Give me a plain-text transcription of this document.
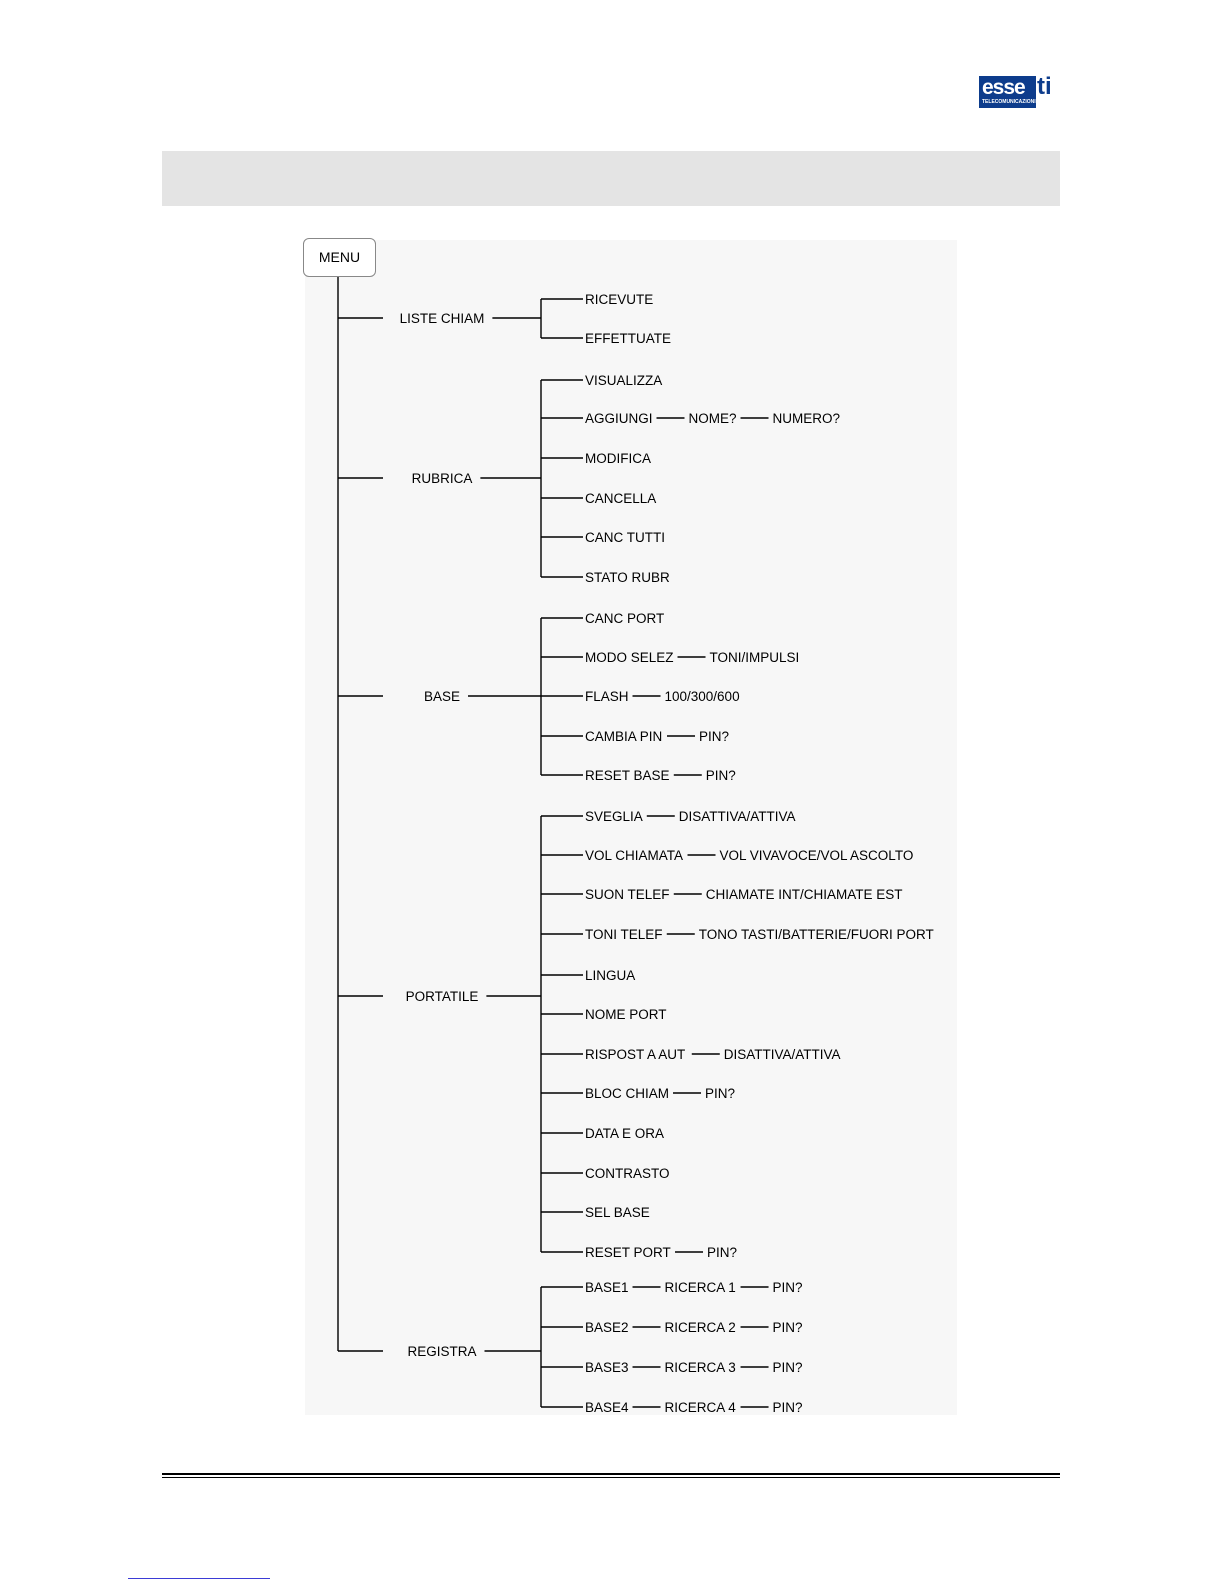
esse
TELECOMUNICAZIONI
ti
LISTE CHIAM
RICEVUTE
EFFETTUATE
RUBRICA
VISUALIZZA
AGGIUNGI	NOME?	NUMERO?
MODIFICA
CANCELLA
CANC TUTTI
STATO RUBR
BASE
CANC PORT
MODO SELEZ	TONI/IMPULSI
FLASH	100/300/600
CAMBIA PIN	PIN?
RESET BASE	PIN?
PORTATILE
SVEGLIA	DISATTIVA/ATTIVA
VOL CHIAMATA	VOL VIVAVOCE/VOL ASCOLTO
SUON TELEF	CHIAMATE INT/CHIAMATE EST
TONI TELEF	TONO TASTI/BATTERIE/FUORI PORT
LINGUA
NOME PORT
RISPOST A AUT	DISATTIVA/ATTIVA
BLOC CHIAM	PIN?
DATA E ORA
CONTRASTO
SEL BASE
RESET PORT	PIN?
REGISTRA
BASE1	RICERCA 1	PIN?
BASE2	RICERCA 2	PIN?
BASE3	RICERCA 3	PIN?
BASE4	RICERCA 4	PIN?
MENU
